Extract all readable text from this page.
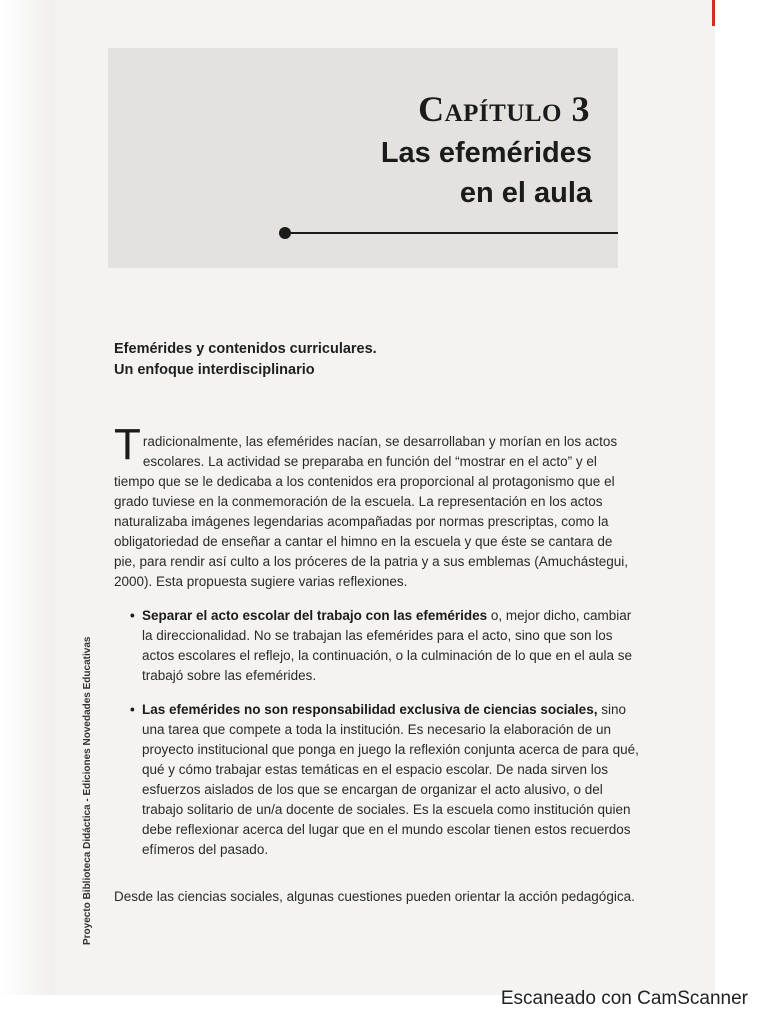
Capítulo 3
Las efemérides
en el aula
Efemérides y contenidos curriculares.
Un enfoque interdisciplinario

Tradicionalmente, las efemérides nacían, se desarrollaban y morían en los actos escolares. La actividad se preparaba en función del “mostrar en el acto” y el tiempo que se le dedicaba a los contenidos era proporcional al protagonismo que el grado tuviese en la conmemoración de la escuela. La representación en los actos naturalizaba imágenes legendarias acompañadas por normas prescriptas, como la obligatoriedad de enseñar a cantar el himno en la escuela y que éste se cantara de pie, para rendir así culto a los próceres de la patria y a sus emblemas (Amuchástegui, 2000). Esta propuesta sugiere varias reflexiones.

• Separar el acto escolar del trabajo con las efemérides o, mejor dicho, cambiar la direccionalidad. No se trabajan las efemérides para el acto, sino que son los actos escolares el reflejo, la continuación, o la culminación de lo que en el aula se trabajó sobre las efemérides.
• Las efemérides no son responsabilidad exclusiva de ciencias sociales, sino una tarea que compete a toda la institución. Es necesario la elaboración de un proyecto institucional que ponga en juego la reflexión conjunta acerca de para qué, qué y cómo trabajar estas temáticas en el espacio escolar. De nada sirven los esfuerzos aislados de los que se encargan de organizar el acto alusivo, o del trabajo solitario de un/a docente de sociales. Es la escuela como institución quien debe reflexionar acerca del lugar que en el mundo escolar tienen estos recuerdos efímeros del pasado.

Desde las ciencias sociales, algunas cuestiones pueden orientar la acción pedagógica.

Proyecto Biblioteca Didáctica - Ediciones Novedades Educativas

Escaneado con CamScanner
